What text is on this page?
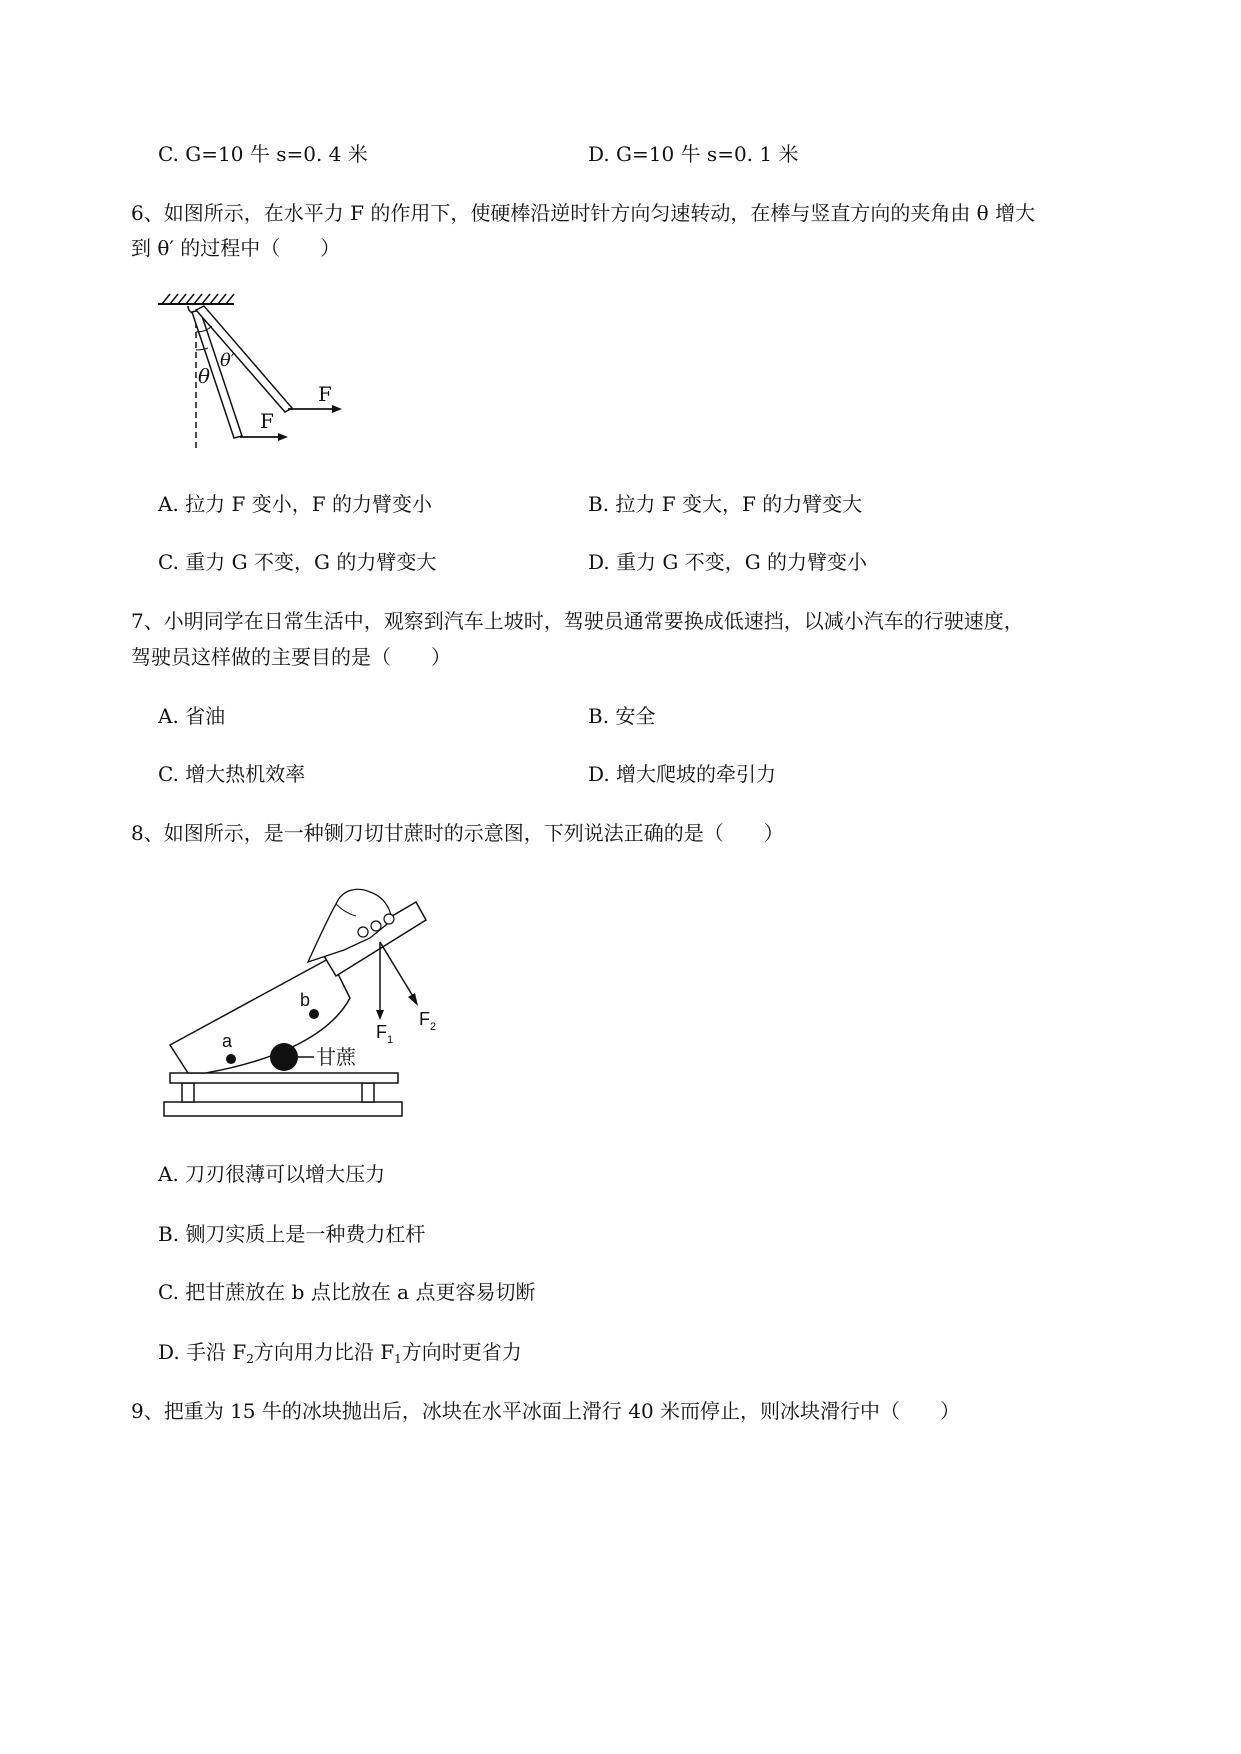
C. G=10 牛 s=0. 4 米	D. G=10 牛 s=0. 1 米
6、如图所示，在水平力 F 的作用下，使硬棒沿逆时针方向匀速转动，在棒与竖直方向的夹角由 θ 增大
到 θ′ 的过程中（　　）
θ
θ′
F
F
A. 拉力 F 变小，F 的力臂变小	B. 拉力 F 变大，F 的力臂变大
C. 重力 G 不变，G 的力臂变大	D. 重力 G 不变，G 的力臂变小
7、小明同学在日常生活中，观察到汽车上坡时，驾驶员通常要换成低速挡，以减小汽车的行驶速度，
驾驶员这样做的主要目的是（　　）
A. 省油	B. 安全
C. 增大热机效率	D. 增大爬坡的牵引力
8、如图所示，是一种铡刀切甘蔗时的示意图，下列说法正确的是（　　）
a
b
甘蔗
F 1
F 2
A. 刀刃很薄可以增大压力
B. 铡刀实质上是一种费力杠杆
C. 把甘蔗放在 b 点比放在 a 点更容易切断
D. 手沿 $F_2$方向用力比沿 $F_1$方向时更省力
9、把重为 15 牛的冰块抛出后，冰块在水平冰面上滑行 40 米而停止，则冰块滑行中（　　）
